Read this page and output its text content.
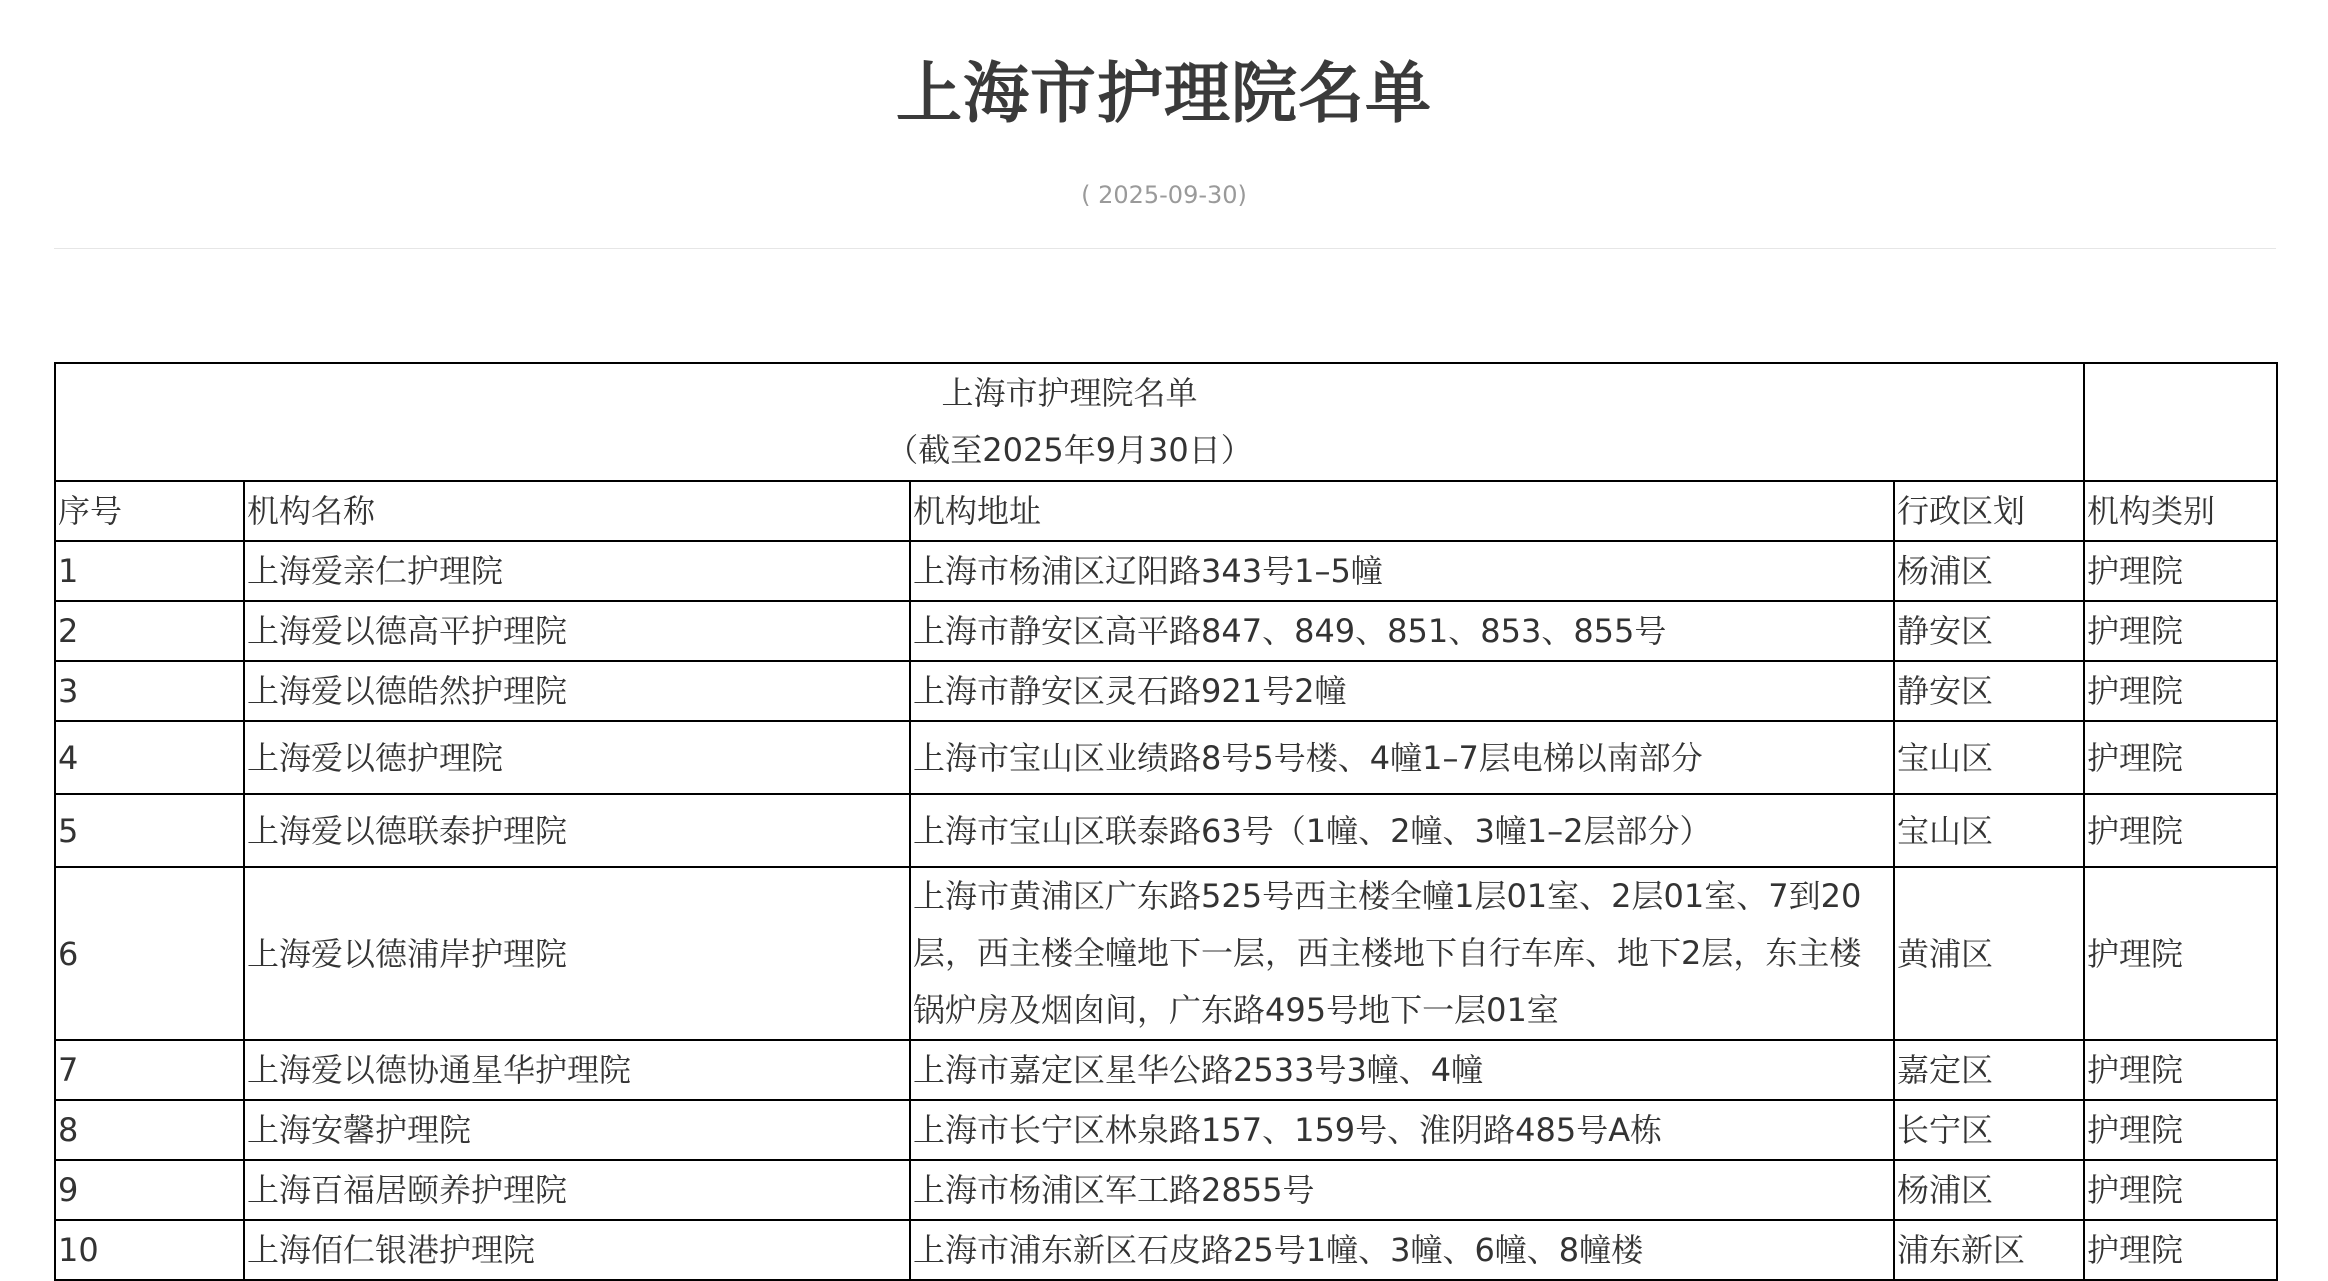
上海市护理院名单
( 2025-09-30)
上海市护理院名单
（截至2025年9月30日）				

序号	机构名称	机构地址	行政区划	机构类别
1	上海爱亲仁护理院	上海市杨浦区辽阳路343号1–5幢	杨浦区	护理院
2	上海爱以德高平护理院	上海市静安区高平路847、849、851、853、855号	静安区	护理院
3	上海爱以德皓然护理院	上海市静安区灵石路921号2幢	静安区	护理院
4	上海爱以德护理院	上海市宝山区业绩路8号5号楼、4幢1–7层电梯以南部分	宝山区	护理院
5	上海爱以德联泰护理院	上海市宝山区联泰路63号（1幢、2幢、3幢1–2层部分）	宝山区	护理院
6	上海爱以德浦岸护理院	上海市黄浦区广东路525号西主楼全幢1层01室、2层01室、7到20层，西主楼全幢地下一层，西主楼地下自行车库、地下2层，东主楼锅炉房及烟囱间，广东路495号地下一层01室	黄浦区	护理院
7	上海爱以德协通星华护理院	上海市嘉定区星华公路2533号3幢、4幢	嘉定区	护理院
8	上海安馨护理院	上海市长宁区林泉路157、159号、淮阴路485号A栋	长宁区	护理院
9	上海百福居颐养护理院	上海市杨浦区军工路2855号	杨浦区	护理院
10	上海佰仁银港护理院	上海市浦东新区石皮路25号1幢、3幢、6幢、8幢楼	浦东新区	护理院
